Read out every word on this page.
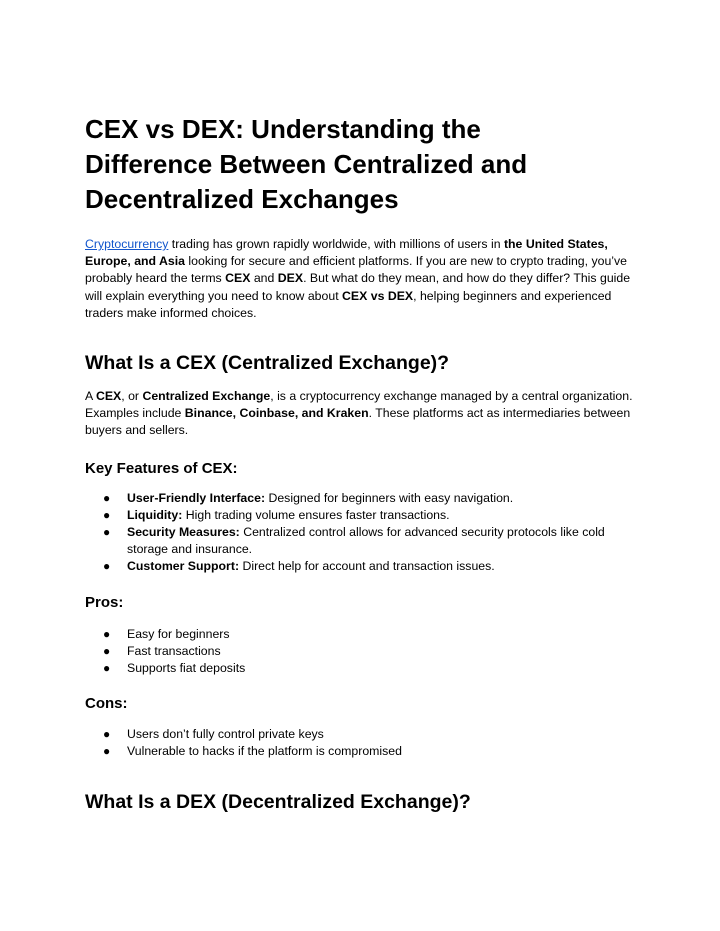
CEX vs DEX: Understanding the
Difference Between Centralized and
Decentralized Exchanges

Cryptocurrency trading has grown rapidly worldwide, with millions of users in the United States, Europe, and Asia looking for secure and efficient platforms. If you are new to crypto trading, you’ve probably heard the terms CEX and DEX. But what do they mean, and how do they differ? This guide will explain everything you need to know about CEX vs DEX, helping beginners and experienced traders make informed choices.

What Is a CEX (Centralized Exchange)?

A CEX, or Centralized Exchange, is a cryptocurrency exchange managed by a central organization. Examples include Binance, Coinbase, and Kraken. These platforms act as intermediaries between buyers and sellers.

Key Features of CEX:
● User-Friendly Interface: Designed for beginners with easy navigation.
● Liquidity: High trading volume ensures faster transactions.
● Security Measures: Centralized control allows for advanced security protocols like cold storage and insurance.
● Customer Support: Direct help for account and transaction issues.
Pros:
● Easy for beginners
● Fast transactions
● Supports fiat deposits
Cons:
● Users don’t fully control private keys
● Vulnerable to hacks if the platform is compromised
What Is a DEX (Decentralized Exchange)?
